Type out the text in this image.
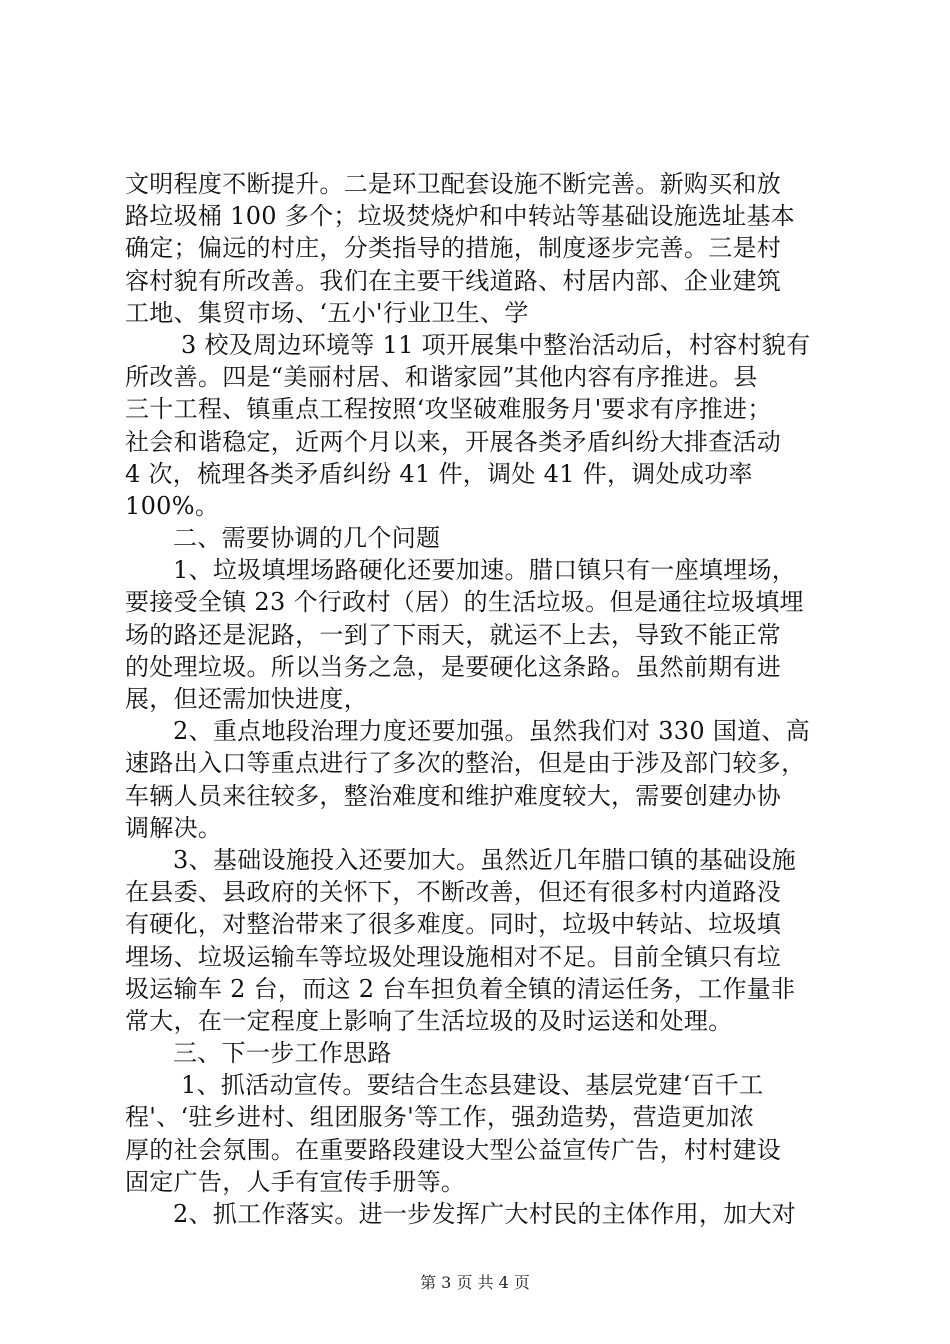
文明程度不断提升。二是环卫配套设施不断完善。新购买和放
路垃圾桶 100 多个；垃圾焚烧炉和中转站等基础设施选址基本
确定；偏远的村庄，分类指导的措施，制度逐步完善。三是村
容村貌有所改善。我们在主要干线道路、村居内部、企业建筑
工地、集贸市场、‘五小'行业卫生、学
3 校及周边环境等 11 项开展集中整治活动后，村容村貌有
所改善。四是“美丽村居、和谐家园”其他内容有序推进。县
三十工程、镇重点工程按照‘攻坚破难服务月'要求有序推进；
社会和谐稳定，近两个月以来，开展各类矛盾纠纷大排查活动
4 次，梳理各类矛盾纠纷 41 件，调处 41 件，调处成功率
100%。
二、需要协调的几个问题
1、垃圾填埋场路硬化还要加速。腊口镇只有一座填埋场，
要接受全镇 23 个行政村（居）的生活垃圾。但是通往垃圾填埋
场的路还是泥路，一到了下雨天，就运不上去，导致不能正常
的处理垃圾。所以当务之急，是要硬化这条路。虽然前期有进
展，但还需加快进度，
2、重点地段治理力度还要加强。虽然我们对 330 国道、高
速路出入口等重点进行了多次的整治，但是由于涉及部门较多，
车辆人员来往较多，整治难度和维护难度较大，需要创建办协
调解决。
3、基础设施投入还要加大。虽然近几年腊口镇的基础设施
在县委、县政府的关怀下，不断改善，但还有很多村内道路没
有硬化，对整治带来了很多难度。同时，垃圾中转站、垃圾填
埋场、垃圾运输车等垃圾处理设施相对不足。目前全镇只有垃
圾运输车 2 台，而这 2 台车担负着全镇的清运任务，工作量非
常大，在一定程度上影响了生活垃圾的及时运送和处理。
三、下一步工作思路
1、抓活动宣传。要结合生态县建设、基层党建‘百千工
程'、‘驻乡进村、组团服务'等工作，强劲造势，营造更加浓
厚的社会氛围。在重要路段建设大型公益宣传广告，村村建设
固定广告，人手有宣传手册等。
2、抓工作落实。进一步发挥广大村民的主体作用，加大对
第 3 页 共 4 页
